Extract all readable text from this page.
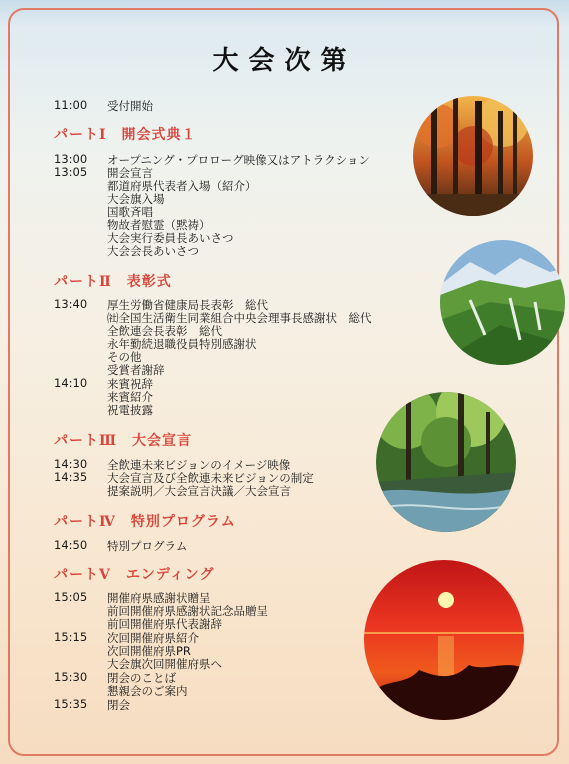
大会次第
11:00 受付開始
パートⅠ　開会式典１
13:00 オープニング・プロローグ映像又はアトラクション
13:05 開会宣言
都道府県代表者入場（紹介）
大会旗入場
国歌斉唱
物故者慰霊（黙祷）
大会実行委員長あいさつ
大会会長あいさつ
パートⅡ　表彰式
13:40 厚生労働省健康局長表彰　総代
㈳全国生活衛生同業組合中央会理事長感謝状　総代
全飲連会長表彰　総代
永年勤続退職役員特別感謝状
その他
受賞者謝辞
14:10 来賓祝辞
来賓紹介
祝電披露
パートⅢ　大会宣言
14:30 全飲連未来ビジョンのイメージ映像
14:35 大会宣言及び全飲連未来ビジョンの制定
提案説明／大会宣言決議／大会宣言
パートⅣ　特別プログラム
14:50 特別プログラム
パートⅤ　エンディング
15:05 開催府県感謝状贈呈
前回開催府県感謝状記念品贈呈
前回開催府県代表謝辞
15:15 次回開催府県紹介
次回開催府県PR
大会旗次回開催府県へ
15:30 閉会のことば
懇親会のご案内
15:35 閉会
